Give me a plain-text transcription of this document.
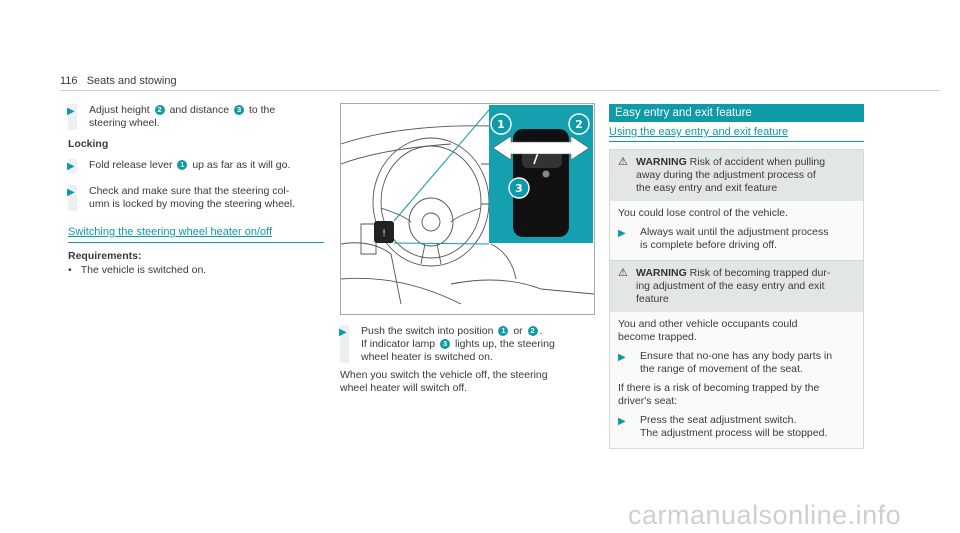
116 Seats and stowing
▶	Adjust height 2 and distance 3 to the
steering wheel.
Locking
▶	Fold release lever 1 up as far as it will go.
▶	Check and make sure that the steering col-
umn is locked by moving the steering wheel.
Switching the steering wheel heater on/off
Requirements:
• The vehicle is switched on.
!
1	2
3
▶	Push the switch into position 1 or 2 .
If indicator lamp 3 lights up, the steering
wheel heater is switched on.
When you switch the vehicle off, the steering
wheel heater will switch off.
Easy entry and exit feature
Using the easy entry and exit feature
⚠ WARNING Risk of accident when pulling
away during the adjustment process of
the easy entry and exit feature
You could lose control of the vehicle.
▶	Always wait until the adjustment process
is complete before driving off.
⚠ WARNING Risk of becoming trapped dur-
ing adjustment of the easy entry and exit
feature
You and other vehicle occupants could
become trapped.
▶	Ensure that no-one has any body parts in
the range of movement of the seat.
If there is a risk of becoming trapped by the
driver's seat:
▶	Press the seat adjustment switch.
The adjustment process will be stopped.
carmanualsonline.info
